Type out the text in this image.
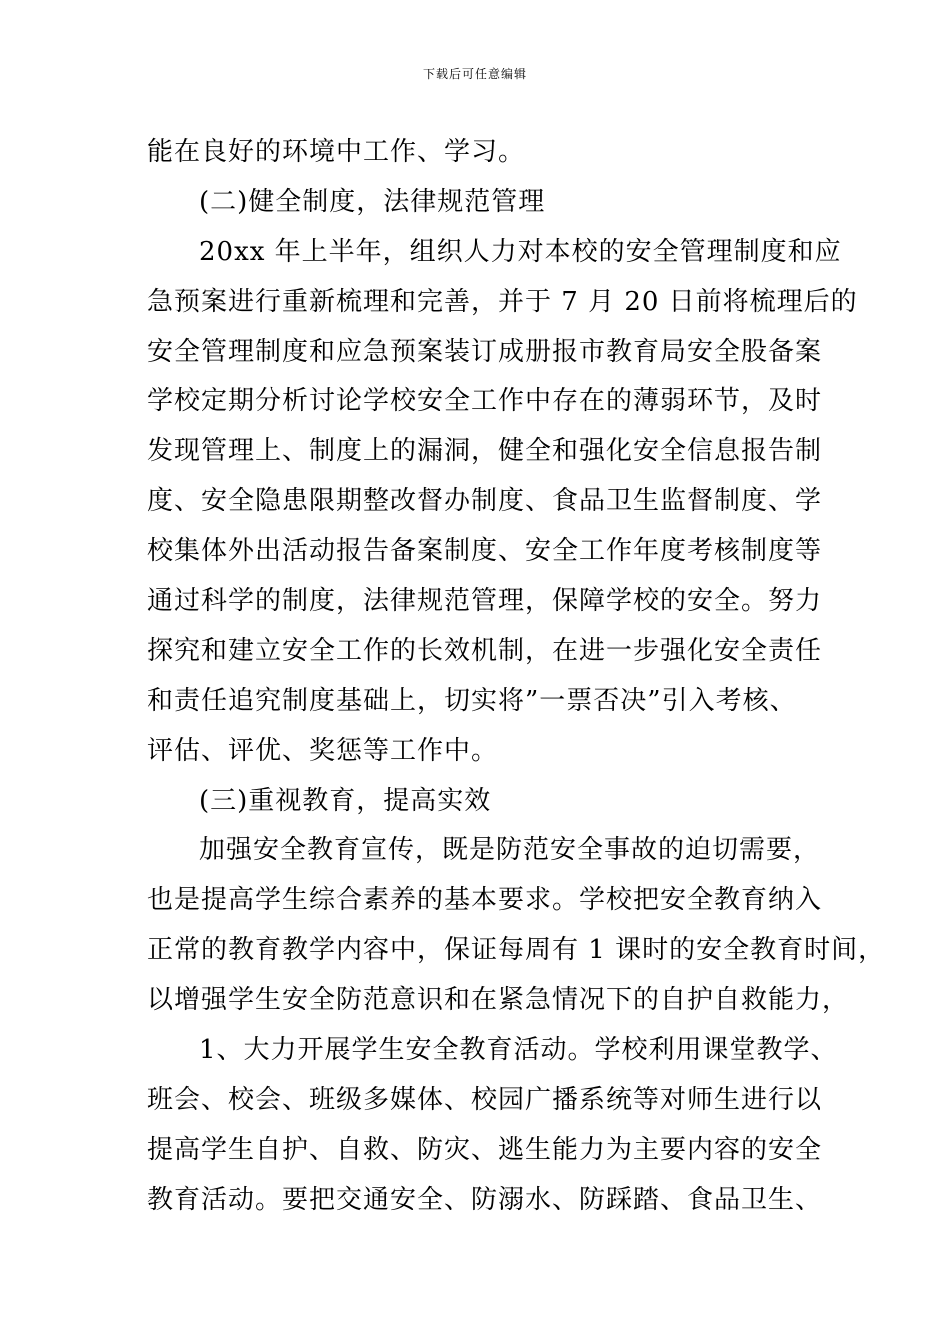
下载后可任意编辑
能在良好的环境中工作、学习。
(二)健全制度，法律规范管理
20xx 年上半年，组织人力对本校的安全管理制度和应
急预案进行重新梳理和完善，并于 7 月 20 日前将梳理后的
安全管理制度和应急预案装订成册报市教育局安全股备案
学校定期分析讨论学校安全工作中存在的薄弱环节，及时
发现管理上、制度上的漏洞，健全和强化安全信息报告制
度、安全隐患限期整改督办制度、食品卫生监督制度、学
校集体外出活动报告备案制度、安全工作年度考核制度等
通过科学的制度，法律规范管理，保障学校的安全。努力
探究和建立安全工作的长效机制，在进一步强化安全责任
和责任追究制度基础上，切实将”一票否决”引入考核、
评估、评优、奖惩等工作中。
(三)重视教育，提高实效
加强安全教育宣传，既是防范安全事故的迫切需要，
也是提高学生综合素养的基本要求。学校把安全教育纳入
正常的教育教学内容中，保证每周有 1 课时的安全教育时间，
以增强学生安全防范意识和在紧急情况下的自护自救能力，
1、大力开展学生安全教育活动。学校利用课堂教学、
班会、校会、班级多媒体、校园广播系统等对师生进行以
提高学生自护、自救、防灾、逃生能力为主要内容的安全
教育活动。要把交通安全、防溺水、防踩踏、食品卫生、
